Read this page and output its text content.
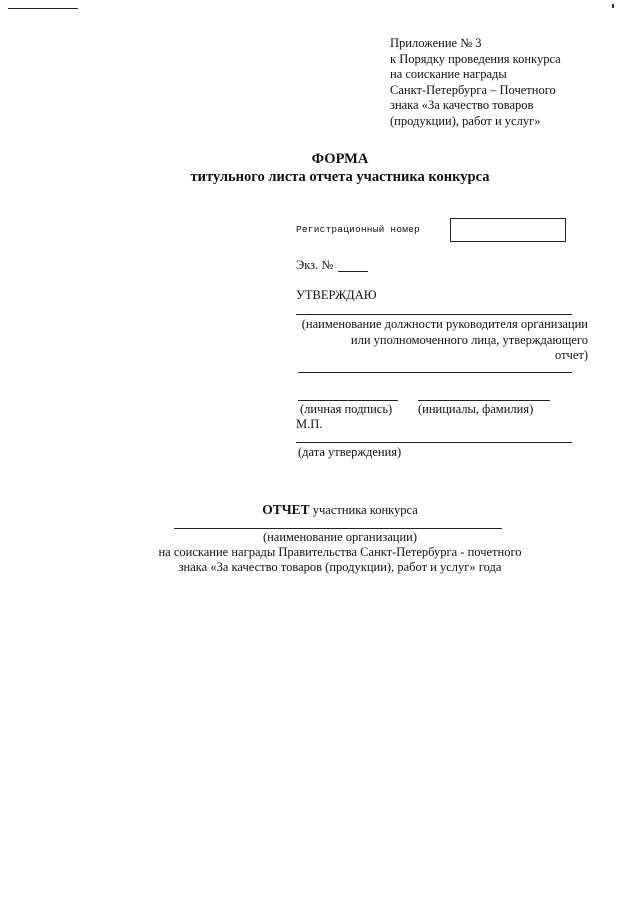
Приложение № 3
к Порядку проведения конкурса
на соискание награды
Санкт-Петербурга – Почетного
знака «За качество товаров
(продукции), работ и услуг»
ФОРМА
титульного листа отчета участника конкурса
Регистрационный номер
Экз. №
УТВЕРЖДАЮ
(наименование должности руководителя организации
или уполномоченного лица, утверждающего
отчет)
(личная подпись) (инициалы, фамилия)
М.П.
(дата утверждения)
ОТЧЕТ участника конкурса
(наименование организации)
на соискание награды Правительства Санкт-Петербурга - почетного
знака «За качество товаров (продукции), работ и услуг» года
